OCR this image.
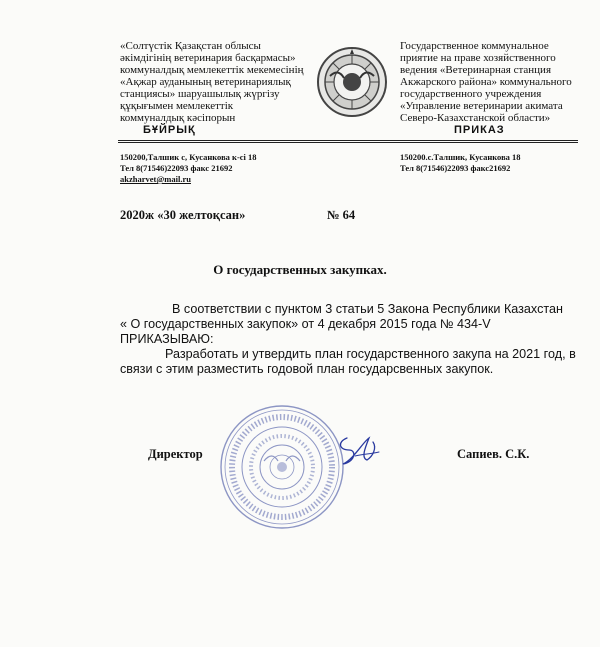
«Солтүстік Қазақстан облысы
әкімдігінің ветеринария басқармасы»
коммуналдық мемлекеттік мекемесінің
«Ақжар ауданының ветеринариялық
станциясы» шаруашылық жүргізу
құқығымен мемлекеттік
коммуналдық кәсіпорын
БҰЙРЫҚ
Государственное коммунальное
приятие на праве хозяйственного
ведения «Ветеринарная станция
Акжарского района» коммунального
государственного учреждения
«Управление ветеринарии акимата
Северо-Казахстанской области»
ПРИКАЗ
150200,Талшик с, Кусанкова к-сі 18
Тел 8(71546)22093 факс 21692
akzharvet@mail.ru
150200.с.Талшик, Кусанкова 18
Тел 8(71546)22093 факс21692
2020ж «30 желтоқсан»	№ 64
О государственных закупках.

В соответствии с пунктом 3 статьи 5 Закона Республики Казахстан

« О государственных закупок» от 4 декабря 2015 года № 434-V

ПРИКАЗЫВАЮ:

Разработать и утвердить план государственного закупа на 2021 год, в связи с этим разместить годовой план государсвенных закупок.

Директор	Сапиев. С.К.
